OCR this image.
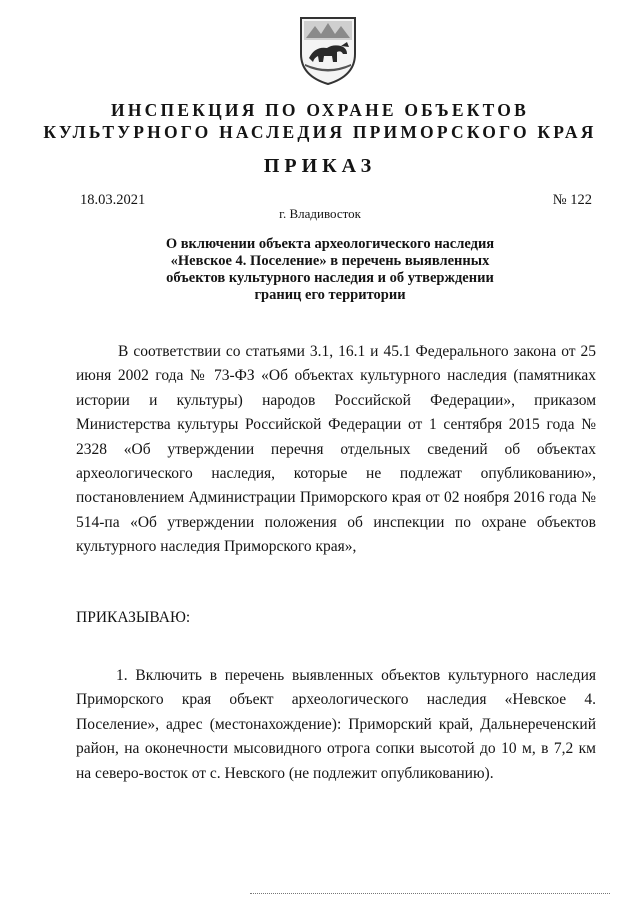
ИНСПЕКЦИЯ ПО ОХРАНЕ ОБЪЕКТОВ
КУЛЬТУРНОГО НАСЛЕДИЯ ПРИМОРСКОГО КРАЯ
ПРИКАЗ
18.03.2021	№ 122
г. Владивосток
О включении объекта археологического наследия
«Невское 4. Поселение» в перечень выявленных
объектов культурного наследия и об утверждении
границ его территории
В соответствии со статьями 3.1, 16.1 и 45.1 Федерального закона от 25 июня 2002 года № 73-ФЗ «Об объектах культурного наследия (памятниках истории и культуры) народов Российской Федерации», приказом Министерства культуры Российской Федерации от 1 сентября 2015 года № 2328 «Об утверждении перечня отдельных сведений об объектах археологического наследия, которые не подлежат опубликованию», постановлением Администрации Приморского края от 02 ноября 2016 года № 514-па «Об утверждении положения об инспекции по охране объектов культурного наследия Приморского края»,
ПРИКАЗЫВАЮ:
1. Включить в перечень выявленных объектов культурного наследия Приморского края объект археологического наследия «Невское 4. Поселение», адрес (местонахождение): Приморский край, Дальнереченский район, на оконечности мысовидного отрога сопки высотой до 10 м, в 7,2 км на северо-восток от с. Невского (не подлежит опубликованию).
